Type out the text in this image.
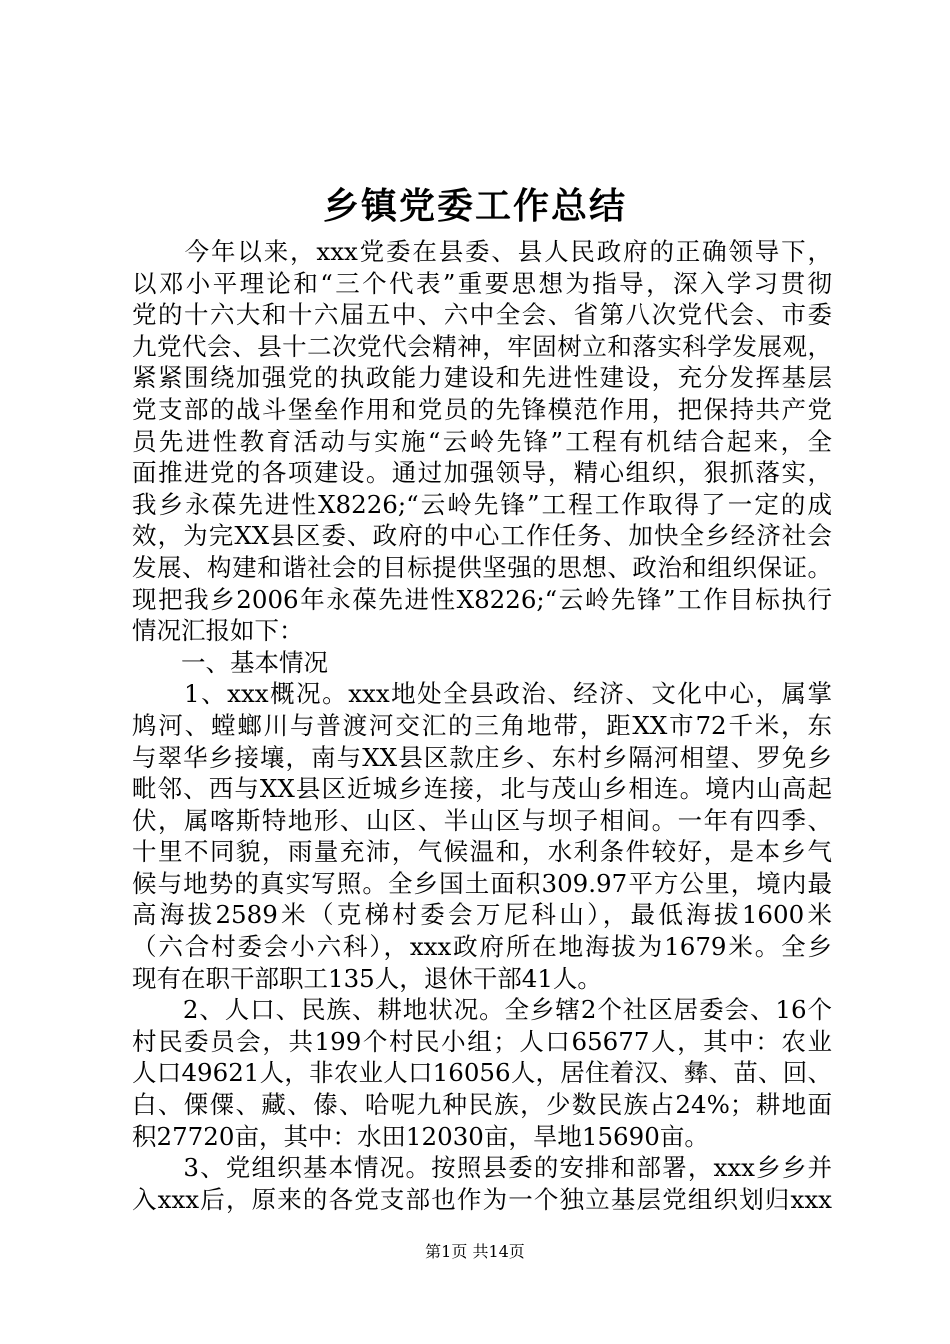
乡镇党委工作总结
　　今年以来，xxx党委在县委、县人民政府的正确领导下，
以邓小平理论和“三个代表”重要思想为指导，深入学习贯彻
党的十六大和十六届五中、六中全会、省第八次党代会、市委
九党代会、县十二次党代会精神，牢固树立和落实科学发展观，
紧紧围绕加强党的执政能力建设和先进性建设，充分发挥基层
党支部的战斗堡垒作用和党员的先锋模范作用，把保持共产党
员先进性教育活动与实施“云岭先锋”工程有机结合起来，全
面推进党的各项建设。通过加强领导，精心组织，狠抓落实，
我乡永葆先进性X8226;“云岭先锋”工程工作取得了一定的成
效，为完XX县区委、政府的中心工作任务、加快全乡经济社会
发展、构建和谐社会的目标提供坚强的思想、政治和组织保证。
现把我乡2006年永葆先进性X8226;“云岭先锋”工作目标执行
情况汇报如下：
　　一、基本情况
　　1、xxx概况。xxx地处全县政治、经济、文化中心，属掌
鸠河、螳螂川与普渡河交汇的三角地带，距XX市72千米，东
与翠华乡接壤，南与XX县区款庄乡、东村乡隔河相望、罗免乡
毗邻、西与XX县区近城乡连接，北与茂山乡相连。境内山高起
伏，属喀斯特地形、山区、半山区与坝子相间。一年有四季、
十里不同貌，雨量充沛，气候温和，水利条件较好，是本乡气
候与地势的真实写照。全乡国土面积309.97平方公里，境内最
高海拔2589米（克梯村委会万尼科山），最低海拔1600米
（六合村委会小六科），xxx政府所在地海拔为1679米。全乡
现有在职干部职工135人，退休干部41人。
　　2、人口、民族、耕地状况。全乡辖2个社区居委会、16个
村民委员会，共199个村民小组；人口65677人，其中：农业
人口49621人，非农业人口16056人，居住着汉、彝、苗、回、
白、傈僳、藏、傣、哈呢九种民族，少数民族占24%；耕地面
积27720亩，其中：水田12030亩，旱地15690亩。
　　3、党组织基本情况。按照县委的安排和部署，xxx乡乡并
入xxx后，原来的各党支部也作为一个独立基层党组织划归xxx
第1页 共14页
